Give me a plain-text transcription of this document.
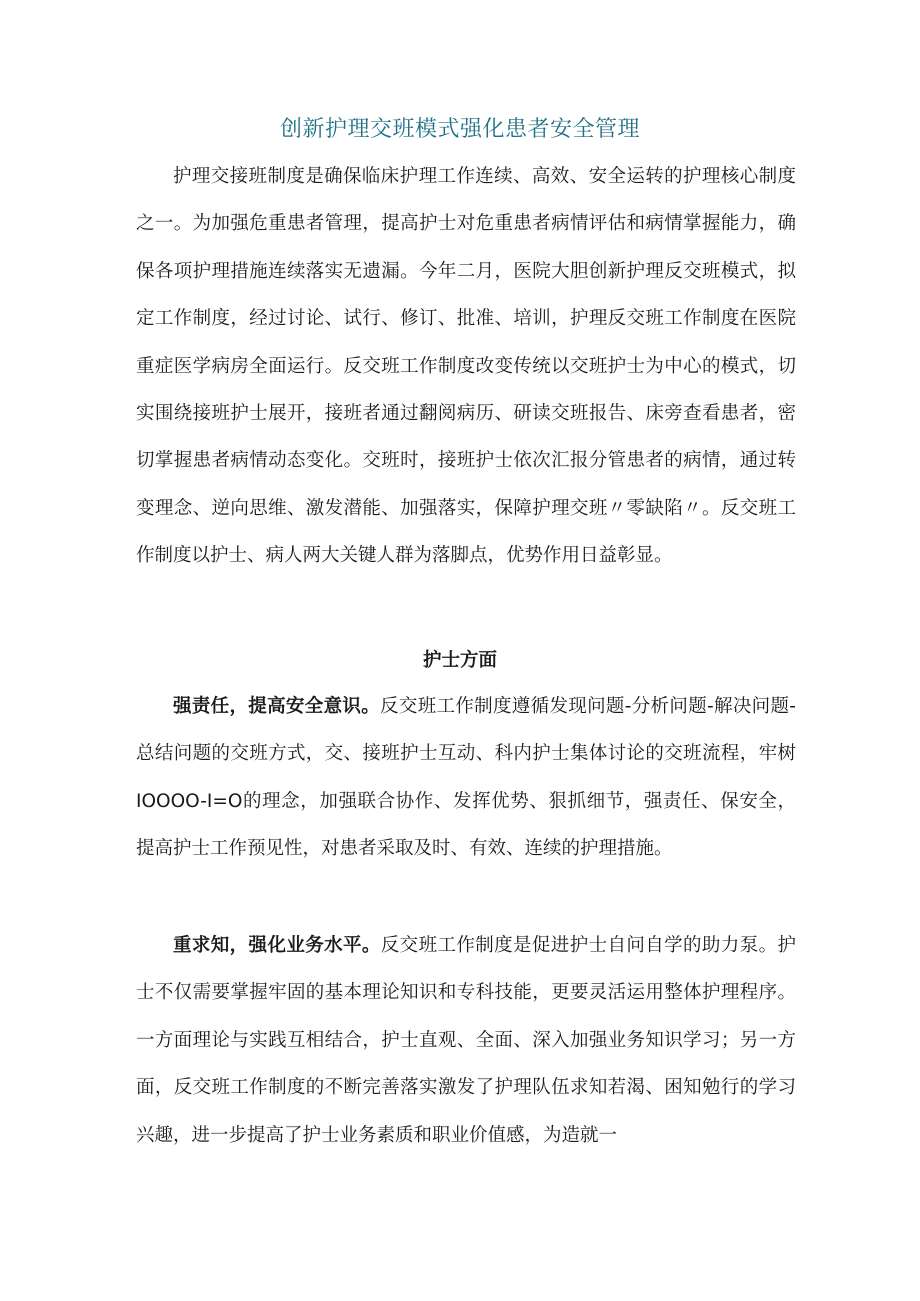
创新护理交班模式强化患者安全管理

护理交接班制度是确保临床护理工作连续、高效、安全运转的护理核心制度之一。为加强危重患者管理，提高护士对危重患者病情评估和病情掌握能力，确保各项护理措施连续落实无遗漏。今年二月，医院大胆创新护理反交班模式，拟定工作制度，经过讨论、试行、修订、批准、培训，护理反交班工作制度在医院重症医学病房全面运行。反交班工作制度改变传统以交班护士为中心的模式，切实围绕接班护士展开，接班者通过翻阅病历、研读交班报告、床旁查看患者，密切掌握患者病情动态变化。交班时，接班护士依次汇报分管患者的病情，通过转变理念、逆向思维、激发潜能、加强落实，保障护理交班〃零缺陷〃。反交班工作制度以护士、病人两大关键人群为落脚点，优势作用日益彰显。

护士方面

强责任，提高安全意识。反交班工作制度遵循发现问题-分析问题-解决问题-总结问题的交班方式，交、接班护士互动、科内护士集体讨论的交班流程，牢树IOOOO-I=O的理念，加强联合协作、发挥优势、狠抓细节，强责任、保安全，提高护士工作预见性，对患者采取及时、有效、连续的护理措施。

重求知，强化业务水平。反交班工作制度是促进护士自问自学的助力泵。护士不仅需要掌握牢固的基本理论知识和专科技能，更要灵活运用整体护理程序。一方面理论与实践互相结合，护士直观、全面、深入加强业务知识学习；另一方面，反交班工作制度的不断完善落实激发了护理队伍求知若渴、困知勉行的学习兴趣，进一步提高了护士业务素质和职业价值感，为造就一
